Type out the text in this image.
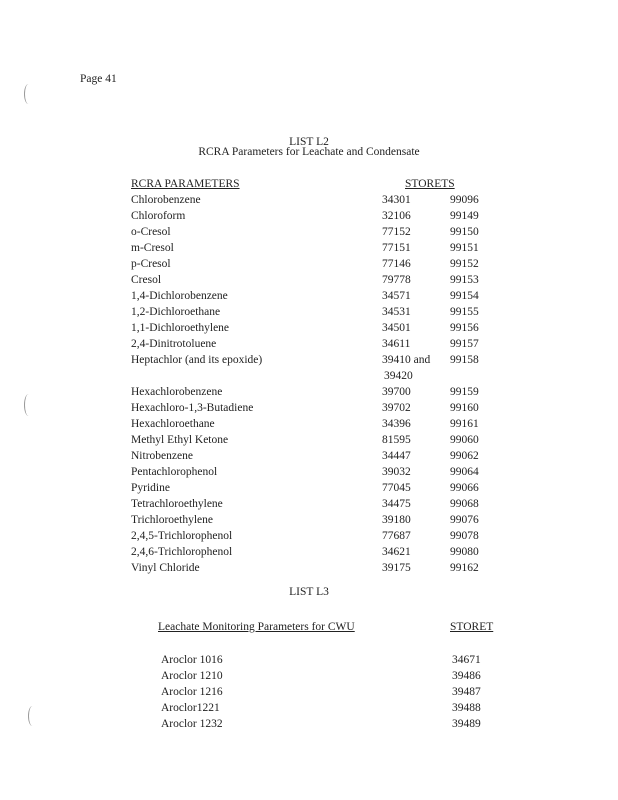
Page 41
LIST L2
RCRA Parameters for Leachate and Condensate
RCRA PARAMETERS	STORETS
Chlorobenzene	34301	99096
Chloroform	32106	99149
o-Cresol	77152	99150
m-Cresol	77151	99151
p-Cresol	77146	99152
Cresol	79778	99153
1,4-Dichlorobenzene	34571	99154
1,2-Dichloroethane	34531	99155
1,1-Dichloroethylene	34501	99156
2,4-Dinitrotoluene	34611	99157
Heptachlor (and its epoxide)	39410 and 99158
39420
Hexachlorobenzene	39700	99159
Hexachloro-1,3-Butadiene	39702	99160
Hexachloroethane	34396	99161
Methyl Ethyl Ketone	81595	99060
Nitrobenzene	34447	99062
Pentachlorophenol	39032	99064
Pyridine	77045	99066
Tetrachloroethylene	34475	99068
Trichloroethylene	39180	99076
2,4,5-Trichlorophenol	77687	99078
2,4,6-Trichlorophenol	34621	99080
Vinyl Chloride	39175	99162
LIST L3
Leachate Monitoring Parameters for CWU	STORET
Aroclor 1016	34671
Aroclor 1210	39486
Aroclor 1216	39487
Aroclor1221	39488
Aroclor 1232	39489
